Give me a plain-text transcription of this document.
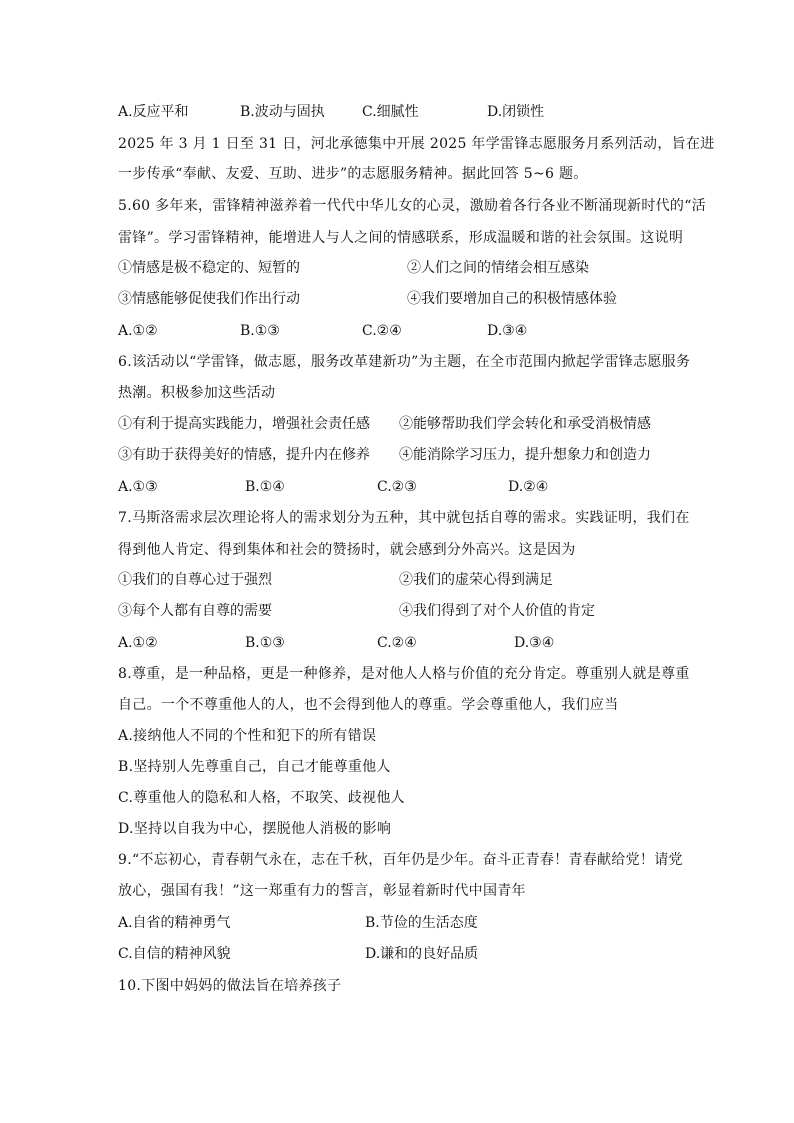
A.反应平和	B.波动与固执	C.细腻性	D.闭锁性
2025 年 3 月 1 日至 31 日，河北承德集中开展 2025 年学雷锋志愿服务月系列活动，旨在进
一步传承“奉献、友爱、互助、进步”的志愿服务精神。据此回答 5~6 题。
5.60 多年来，雷锋精神滋养着一代代中华儿女的心灵，激励着各行各业不断涌现新时代的“活
雷锋”。学习雷锋精神，能增进人与人之间的情感联系，形成温暖和谐的社会氛围。这说明
①情感是极不稳定的、短暂的	②人们之间的情绪会相互感染
③情感能够促使我们作出行动	④我们要增加自己的积极情感体验
A.①②	B.①③	C.②④	D.③④
6.该活动以“学雷锋，做志愿，服务改革建新功”为主题，在全市范围内掀起学雷锋志愿服务
热潮。积极参加这些活动
①有利于提高实践能力，增强社会责任感 ②能够帮助我们学会转化和承受消极情感
③有助于获得美好的情感，提升内在修养 ④能消除学习压力，提升想象力和创造力
A.①③	B.①④	C.②③	D.②④
7.马斯洛需求层次理论将人的需求划分为五种，其中就包括自尊的需求。实践证明，我们在
得到他人肯定、得到集体和社会的赞扬时，就会感到分外高兴。这是因为
①我们的自尊心过于强烈	②我们的虚荣心得到满足
③每个人都有自尊的需要	④我们得到了对个人价值的肯定
A.①②	B.①③	C.②④	D.③④
8.尊重，是一种品格，更是一种修养，是对他人人格与价值的充分肯定。尊重别人就是尊重
自己。一个不尊重他人的人，也不会得到他人的尊重。学会尊重他人，我们应当
A.接纳他人不同的个性和犯下的所有错误
B.坚持别人先尊重自己，自己才能尊重他人
C.尊重他人的隐私和人格，不取笑、歧视他人
D.坚持以自我为中心，摆脱他人消极的影响
9.“不忘初心，青春朝气永在，志在千秋，百年仍是少年。奋斗正青春！青春献给党！请党
放心，强国有我！”这一郑重有力的誓言，彰显着新时代中国青年
A.自省的精神勇气	B.节俭的生活态度
C.自信的精神风貌	D.谦和的良好品质
10.下图中妈妈的做法旨在培养孩子
